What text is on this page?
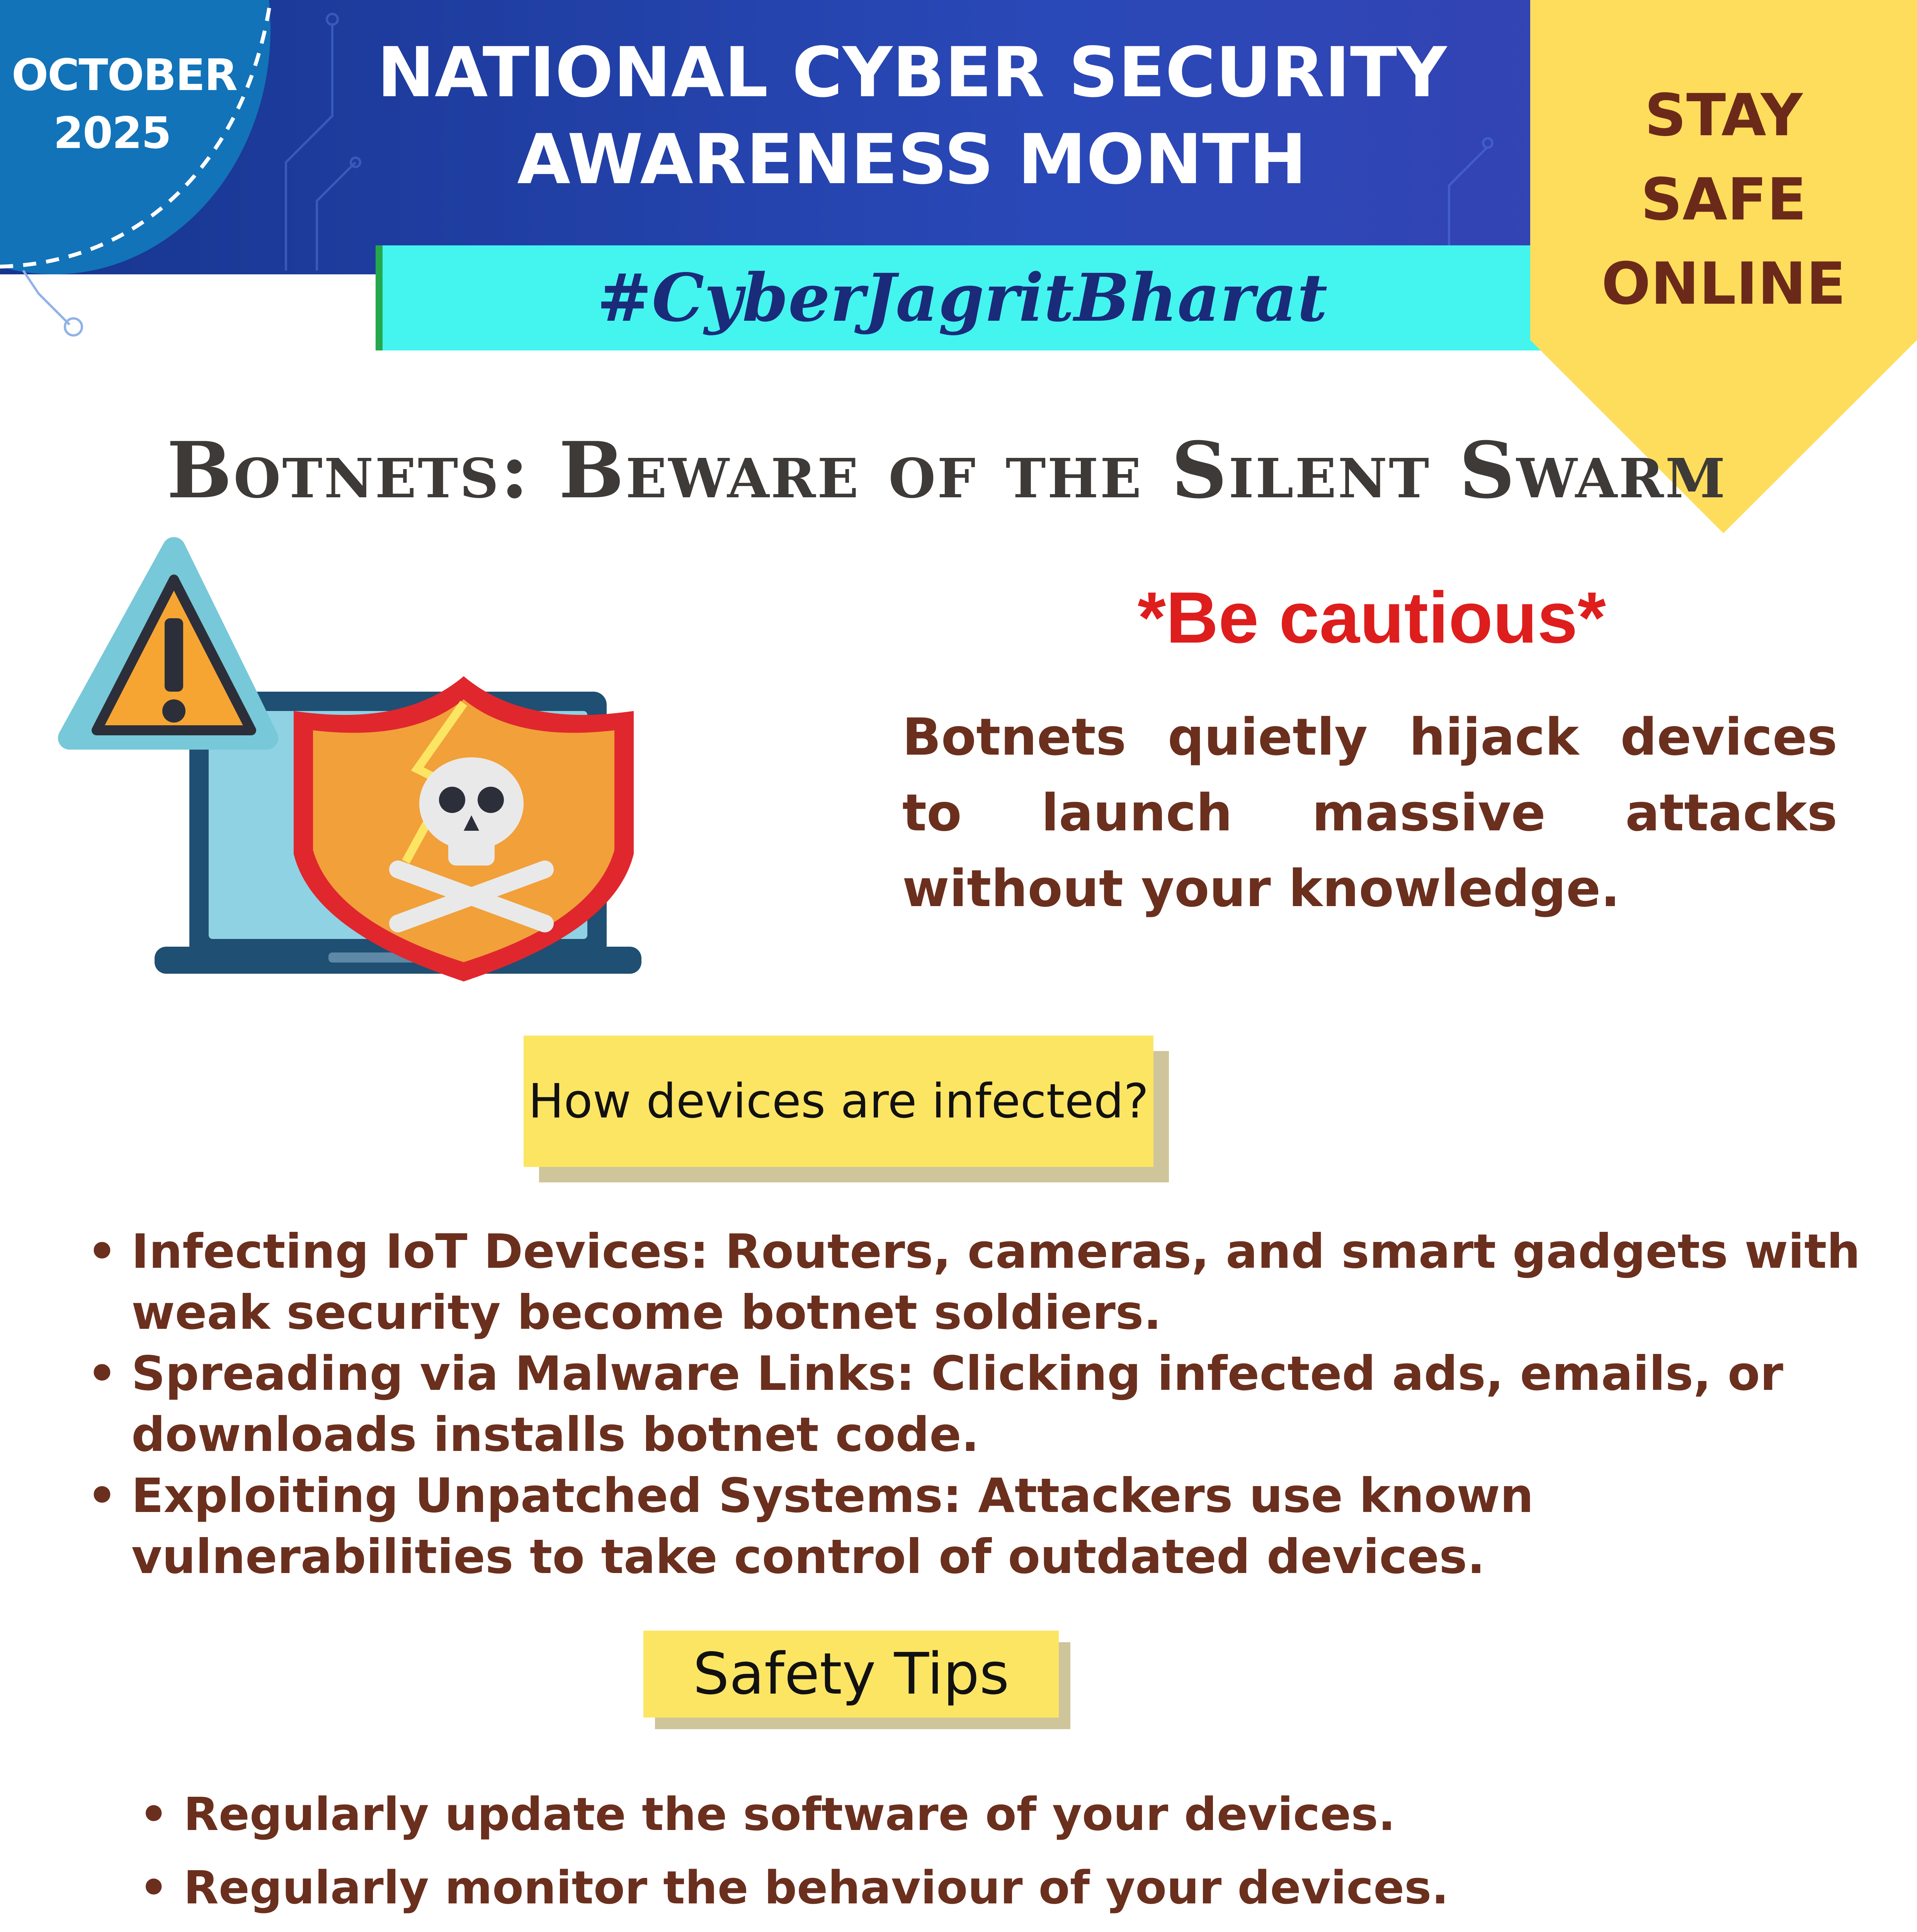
OCTOBER
2025
NATIONAL CYBER SECURITY
AWARENESS MONTH
#CyberJagritBharat
STAY
SAFE
ONLINE
Botnets: Beware of the Silent Swarm
*Be cautious*
Botnets quietly hijack devices to launch massive attacks without your knowledge.
How devices are infected?
• Infecting IoT Devices: Routers, cameras, and smart gadgets with weak security become botnet soldiers.
• Spreading via Malware Links: Clicking infected ads, emails, or downloads installs botnet code.
• Exploiting Unpatched Systems: Attackers use known vulnerabilities to take control of outdated devices.
Safety Tips
• Regularly update the software of your devices.
• Regularly monitor the behaviour of your devices.
•
